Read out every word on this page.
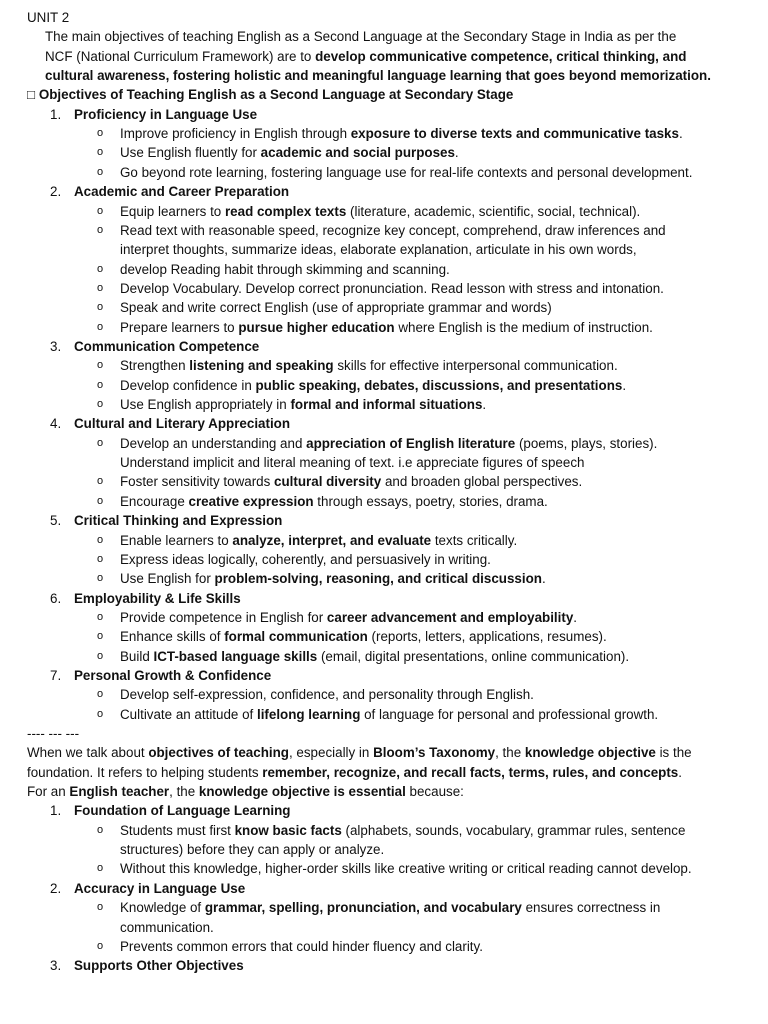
UNIT 2
The main objectives of teaching English as a Second Language at the Secondary Stage in India as per the
NCF (National Curriculum Framework) are to develop communicative competence, critical thinking, and
cultural awareness, fostering holistic and meaningful language learning that goes beyond memorization.
□ Objectives of Teaching English as a Second Language at Secondary Stage
1. Proficiency in Language Use
o Improve proficiency in English through exposure to diverse texts and communicative tasks.
o Use English fluently for academic and social purposes.
o Go beyond rote learning, fostering language use for real-life contexts and personal development.
2. Academic and Career Preparation
o Equip learners to read complex texts (literature, academic, scientific, social, technical).
o Read text with reasonable speed, recognize key concept, comprehend, draw inferences and
interpret thoughts, summarize ideas, elaborate explanation, articulate in his own words,
o develop Reading habit through skimming and scanning.
o Develop Vocabulary. Develop correct pronunciation. Read lesson with stress and intonation.
o Speak and write correct English (use of appropriate grammar and words)
o Prepare learners to pursue higher education where English is the medium of instruction.
3. Communication Competence
o Strengthen listening and speaking skills for effective interpersonal communication.
o Develop confidence in public speaking, debates, discussions, and presentations.
o Use English appropriately in formal and informal situations.
4. Cultural and Literary Appreciation
o Develop an understanding and appreciation of English literature (poems, plays, stories).
Understand implicit and literal meaning of text. i.e appreciate figures of speech
o Foster sensitivity towards cultural diversity and broaden global perspectives.
o Encourage creative expression through essays, poetry, stories, drama.
5. Critical Thinking and Expression
o Enable learners to analyze, interpret, and evaluate texts critically.
o Express ideas logically, coherently, and persuasively in writing.
o Use English for problem-solving, reasoning, and critical discussion.
6. Employability & Life Skills
o Provide competence in English for career advancement and employability.
o Enhance skills of formal communication (reports, letters, applications, resumes).
o Build ICT-based language skills (email, digital presentations, online communication).
7. Personal Growth & Confidence
o Develop self-expression, confidence, and personality through English.
o Cultivate an attitude of lifelong learning of language for personal and professional growth.
---- --- ---
When we talk about objectives of teaching, especially in Bloom’s Taxonomy, the knowledge objective is the
foundation. It refers to helping students remember, recognize, and recall facts, terms, rules, and concepts.
For an English teacher, the knowledge objective is essential because:
1. Foundation of Language Learning
o Students must first know basic facts (alphabets, sounds, vocabulary, grammar rules, sentence
structures) before they can apply or analyze.
o Without this knowledge, higher-order skills like creative writing or critical reading cannot develop.
2. Accuracy in Language Use
o Knowledge of grammar, spelling, pronunciation, and vocabulary ensures correctness in
communication.
o Prevents common errors that could hinder fluency and clarity.
3. Supports Other Objectives
